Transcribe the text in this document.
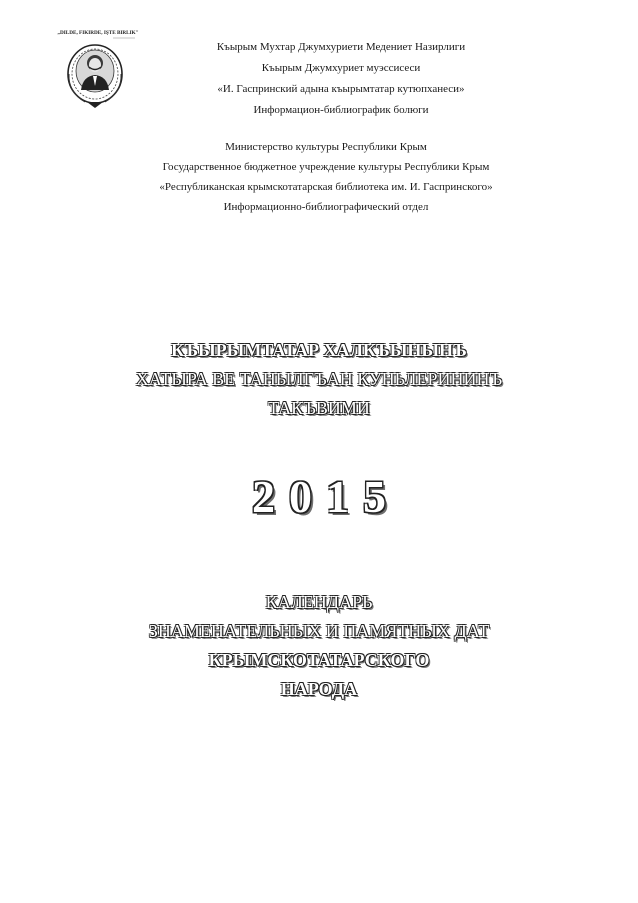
„DILDE, FIKIRDE, IŞTE BIRLIK"
Къырым Мухтар Джумхуриети Медениет Назирлиги
Къырым Джумхуриет муэссисеси
«И. Гаспринский адына къырымтатар кутюпханеси»
Информацион-библиографик болюги
Министерство культуры Республики Крым
Государственное бюджетное учреждение культуры Республики Крым
«Республиканская крымскотатарская библиотека им. И. Гаспринского»
Информационно-библиографический отдел
КЪЫРЫМТАТАР ХАЛКЪЫНЫНЪ
ХАТЫРА ВЕ ТАНЫЛГЪАН КУНЬЛЕРИНИНЪ
ТАКЪВИМИ
2015
КАЛЕНДАРЬ
ЗНАМЕНАТЕЛЬНЫХ И ПАМЯТНЫХ ДАТ
КРЫМСКОТАТАРСКОГО
НАРОДА
